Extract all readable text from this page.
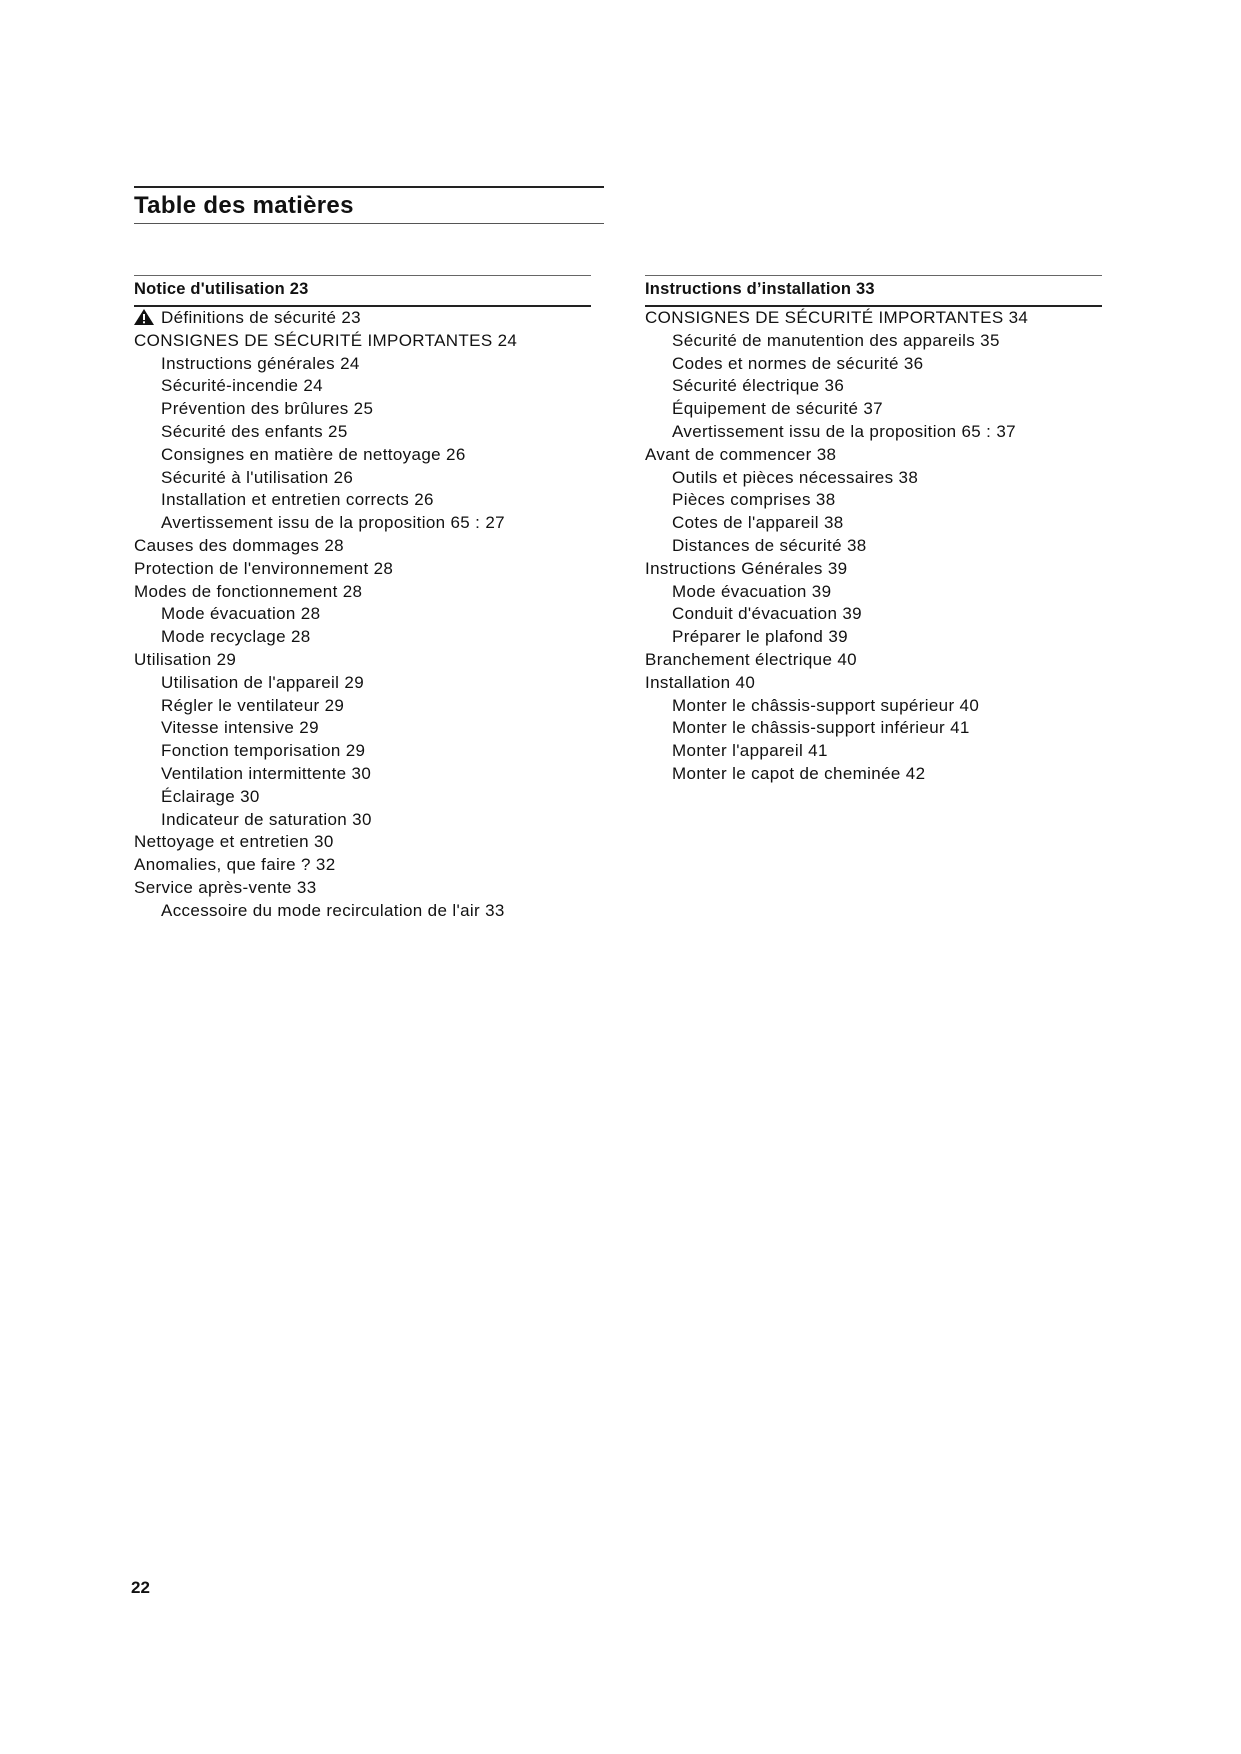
Table des matières
Notice d'utilisation 23
Définitions de sécurité 23
CONSIGNES DE SÉCURITÉ IMPORTANTES 24
Instructions générales 24
Sécurité-incendie 24
Prévention des brûlures 25
Sécurité des enfants 25
Consignes en matière de nettoyage 26
Sécurité à l'utilisation 26
Installation et entretien corrects 26
Avertissement issu de la proposition 65 : 27
Causes des dommages 28
Protection de l'environnement 28
Modes de fonctionnement 28
Mode évacuation 28
Mode recyclage 28
Utilisation 29
Utilisation de l'appareil 29
Régler le ventilateur 29
Vitesse intensive 29
Fonction temporisation 29
Ventilation intermittente 30
Éclairage 30
Indicateur de saturation 30
Nettoyage et entretien 30
Anomalies, que faire ? 32
Service après-vente 33
Accessoire du mode recirculation de l'air 33
Instructions d’installation 33
CONSIGNES DE SÉCURITÉ IMPORTANTES 34
Sécurité de manutention des appareils 35
Codes et normes de sécurité 36
Sécurité électrique 36
Équipement de sécurité 37
Avertissement issu de la proposition 65 : 37
Avant de commencer 38
Outils et pièces nécessaires 38
Pièces comprises 38
Cotes de l'appareil 38
Distances de sécurité 38
Instructions Générales 39
Mode évacuation 39
Conduit d'évacuation 39
Préparer le plafond 39
Branchement électrique 40
Installation 40
Monter le châssis-support supérieur 40
Monter le châssis-support inférieur 41
Monter l'appareil 41
Monter le capot de cheminée 42
22
